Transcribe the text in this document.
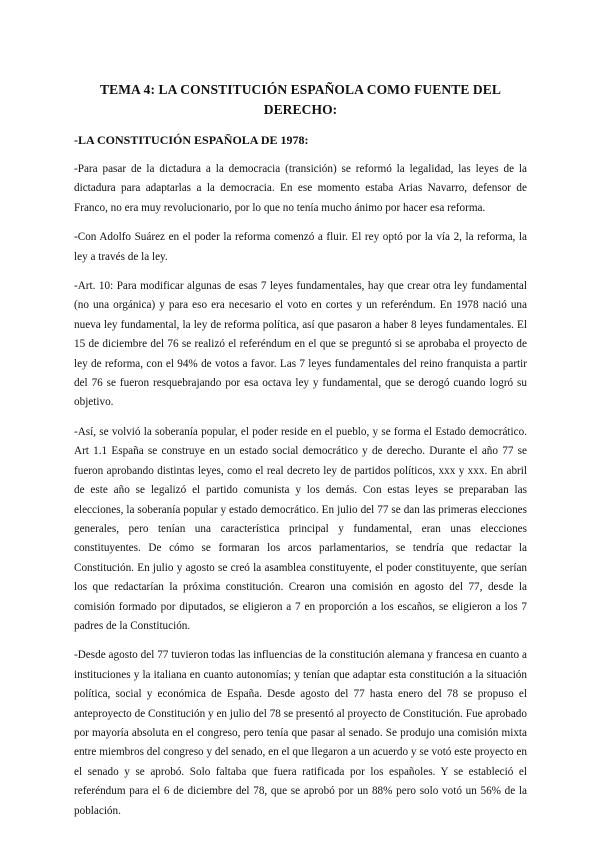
TEMA 4: LA CONSTITUCIÓN ESPAÑOLA COMO FUENTE DEL DERECHO:
-LA CONSTITUCIÓN ESPAÑOLA DE 1978:

-Para pasar de la dictadura a la democracia (transición) se reformó la legalidad, las leyes de la dictadura para adaptarlas a la democracia. En ese momento estaba Arias Navarro, defensor de Franco, no era muy revolucionario, por lo que no tenía mucho ánimo por hacer esa reforma.

-Con Adolfo Suárez en el poder la reforma comenzó a fluir. El rey optó por la vía 2, la reforma, la ley a través de la ley.

-Art. 10: Para modificar algunas de esas 7 leyes fundamentales, hay que crear otra ley fundamental (no una orgánica) y para eso era necesario el voto en cortes y un referéndum. En 1978 nació una nueva ley fundamental, la ley de reforma política, así que pasaron a haber 8 leyes fundamentales. El 15 de diciembre del 76 se realizó el referéndum en el que se preguntó si se aprobaba el proyecto de ley de reforma, con el 94% de votos a favor. Las 7 leyes fundamentales del reino franquista a partir del 76 se fueron resquebrajando por esa octava ley y fundamental, que se derogó cuando logró su objetivo.

-Así, se volvió la soberanía popular, el poder reside en el pueblo, y se forma el Estado democrático. Art 1.1 España se construye en un estado social democrático y de derecho. Durante el año 77 se fueron aprobando distintas leyes, como el real decreto ley de partidos políticos, xxx y xxx. En abril de este año se legalizó el partido comunista y los demás. Con estas leyes se preparaban las elecciones, la soberanía popular y estado democrático. En julio del 77 se dan las primeras elecciones generales, pero tenían una característica principal y fundamental, eran unas elecciones constituyentes. De cómo se formaran los arcos parlamentarios, se tendría que redactar la Constitución. En julio y agosto se creó la asamblea constituyente, el poder constituyente, que serían los que redactarían la próxima constitución. Crearon una comisión en agosto del 77, desde la comisión formado por diputados, se eligieron a 7 en proporción a los escaños, se eligieron a los 7 padres de la Constitución.

-Desde agosto del 77 tuvieron todas las influencias de la constitución alemana y francesa en cuanto a instituciones y la italiana en cuanto autonomías; y tenían que adaptar esta constitución a la situación política, social y económica de España. Desde agosto del 77 hasta enero del 78 se propuso el anteproyecto de Constitución y en julio del 78 se presentó al proyecto de Constitución. Fue aprobado por mayoría absoluta en el congreso, pero tenía que pasar al senado. Se produjo una comisión mixta entre miembros del congreso y del senado, en el que llegaron a un acuerdo y se votó este proyecto en el senado y se aprobó. Solo faltaba que fuera ratificada por los españoles. Y se estableció el referéndum para el 6 de diciembre del 78, que se aprobó por un 88% pero solo votó un 56% de la población.
